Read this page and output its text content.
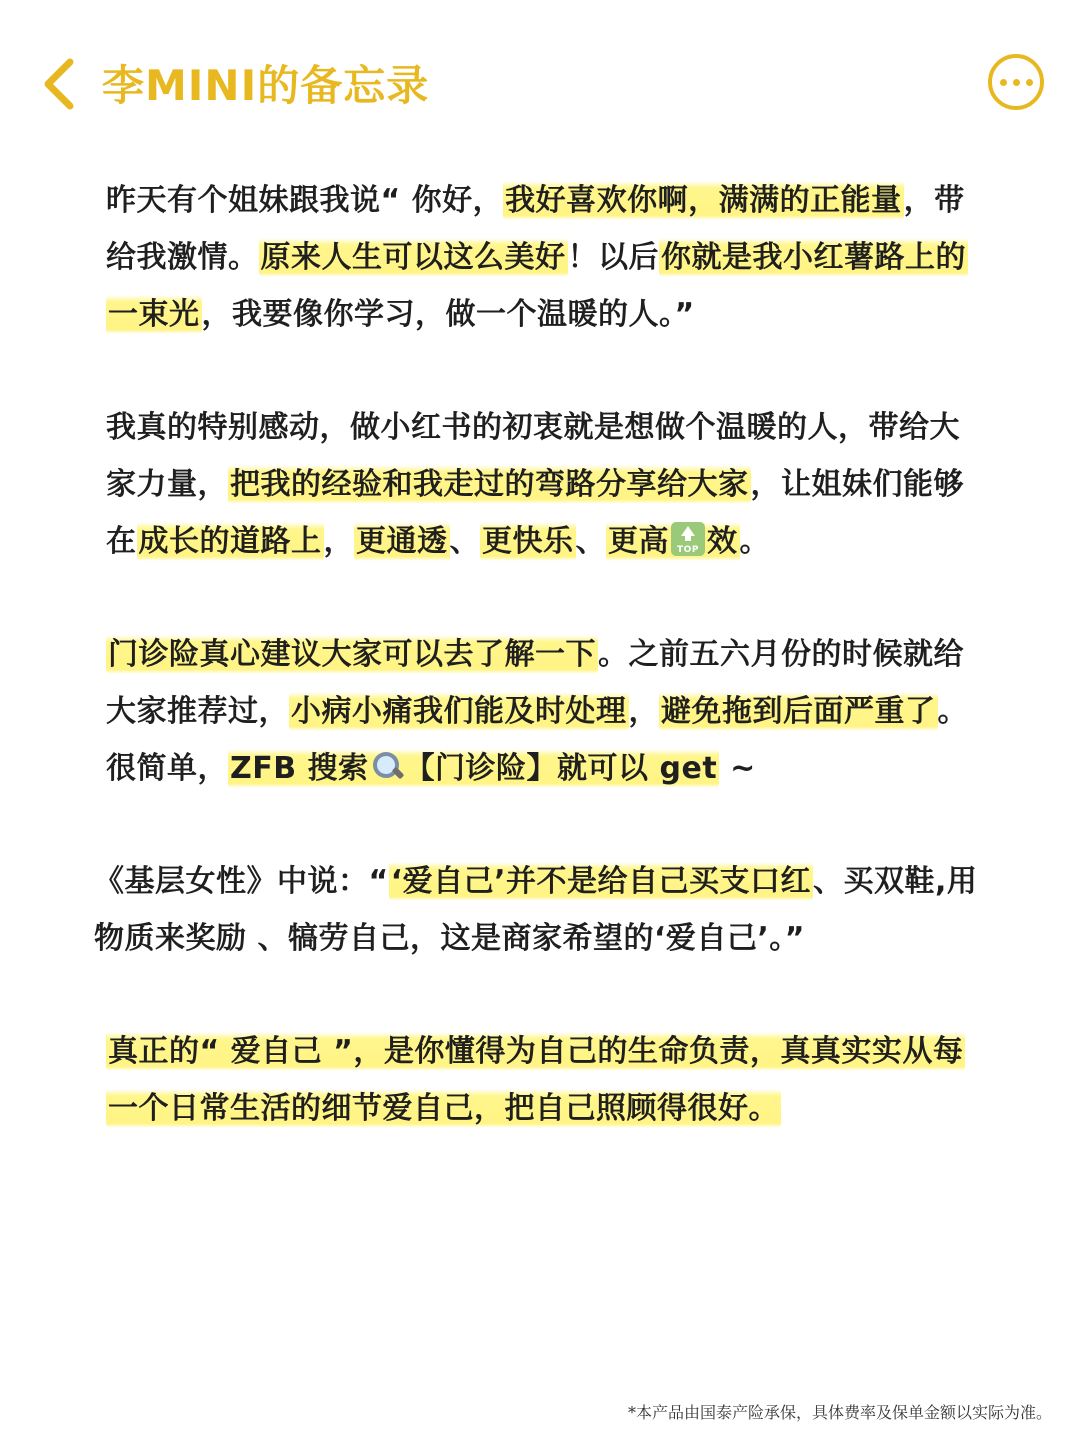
李MINI的备忘录

昨天有个姐妹跟我说“ 你好，我好喜欢你啊，满满的正能量，带给我激情。原来人生可以这么美好！以后你就是我小红薯路上的一束光，我要像你学习，做一个温暖的人。”

我真的特别感动，做小红书的初衷就是想做个温暖的人，带给大家力量，把我的经验和我走过的弯路分享给大家，让姐妹们能够在成长的道路上，更通透、更快乐、更高 TOP 效。

门诊险真心建议大家可以去了解一下。之前五六月份的时候就给大家推荐过，小病小痛我们能及时处理，避免拖到后面严重了。很简单，ZFB 搜索 【门诊险】就可以 get ~

《基层女性》中说：“‘爱自己’并不是给自己买支口红、买双鞋,用物质来奖励 、犒劳自己，这是商家希望的‘爱自己’。”

真正的“ 爱自己 ”，是你懂得为自己的生命负责，真真实实从每一个日常生活的细节爱自己，把自己照顾得很好。

*本产品由国泰产险承保，具体费率及保单金额以实际为准。
